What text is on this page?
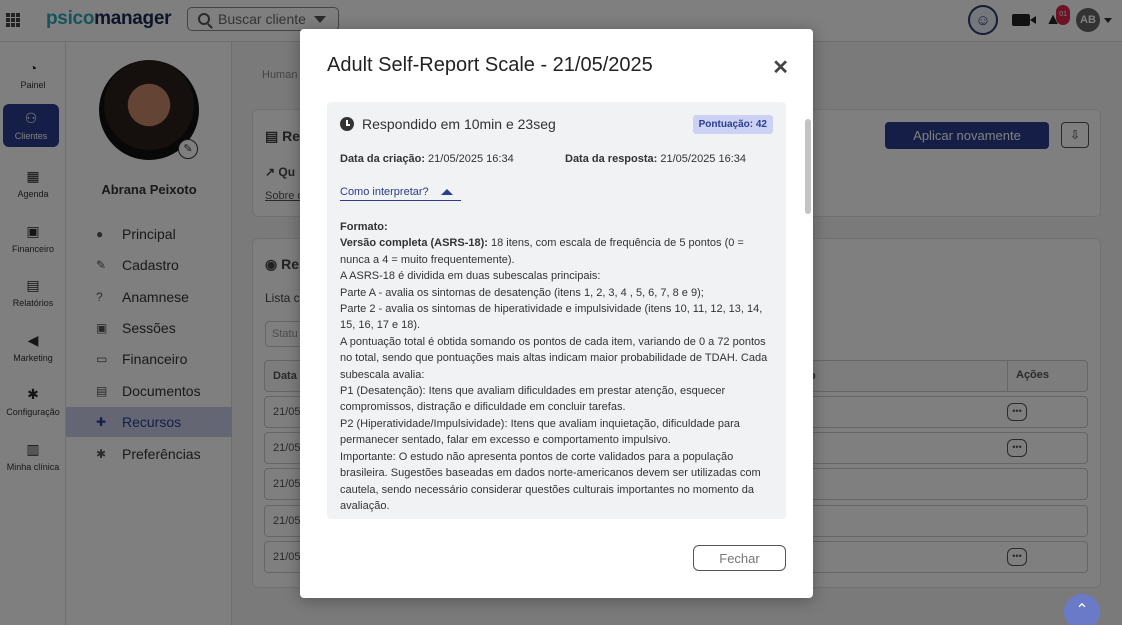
Adult Self-Report Scale - 21/05/2025	✕
Respondido em 10min e 23seg	Pontuação: 42
Data da criação: 21/05/2025 16:34	Data da resposta: 21/05/2025 16:34
Como interpretar?

Formato:

Versão completa (ASRS-18): 18 itens, com escala de frequência de 5 pontos (0 = nunca a 4 = muito frequentemente).

A ASRS-18 é dividida em duas subescalas principais:

Parte A - avalia os sintomas de desatenção (itens 1, 2, 3, 4 , 5, 6, 7, 8 e 9);

Parte 2 - avalia os sintomas de hiperatividade e impulsividade (itens 10, 11, 12, 13, 14, 15, 16, 17 e 18).

A pontuação total é obtida somando os pontos de cada item, variando de 0 a 72 pontos no total, sendo que pontuações mais altas indicam maior probabilidade de TDAH. Cada subescala avalia:

P1 (Desatenção): Itens que avaliam dificuldades em prestar atenção, esquecer compromissos, distração e dificuldade em concluir tarefas.

P2 (Hiperatividade/Impulsividade): Itens que avaliam inquietação, dificuldade para permanecer sentado, falar em excesso e comportamento impulsivo.

Importante: O estudo não apresenta pontos de corte validados para a população brasileira. Sugestões baseadas em dados norte-americanos devem ser utilizadas com cautela, sendo necessário considerar questões culturais importantes no momento da avaliação.

Fechar
⌃
